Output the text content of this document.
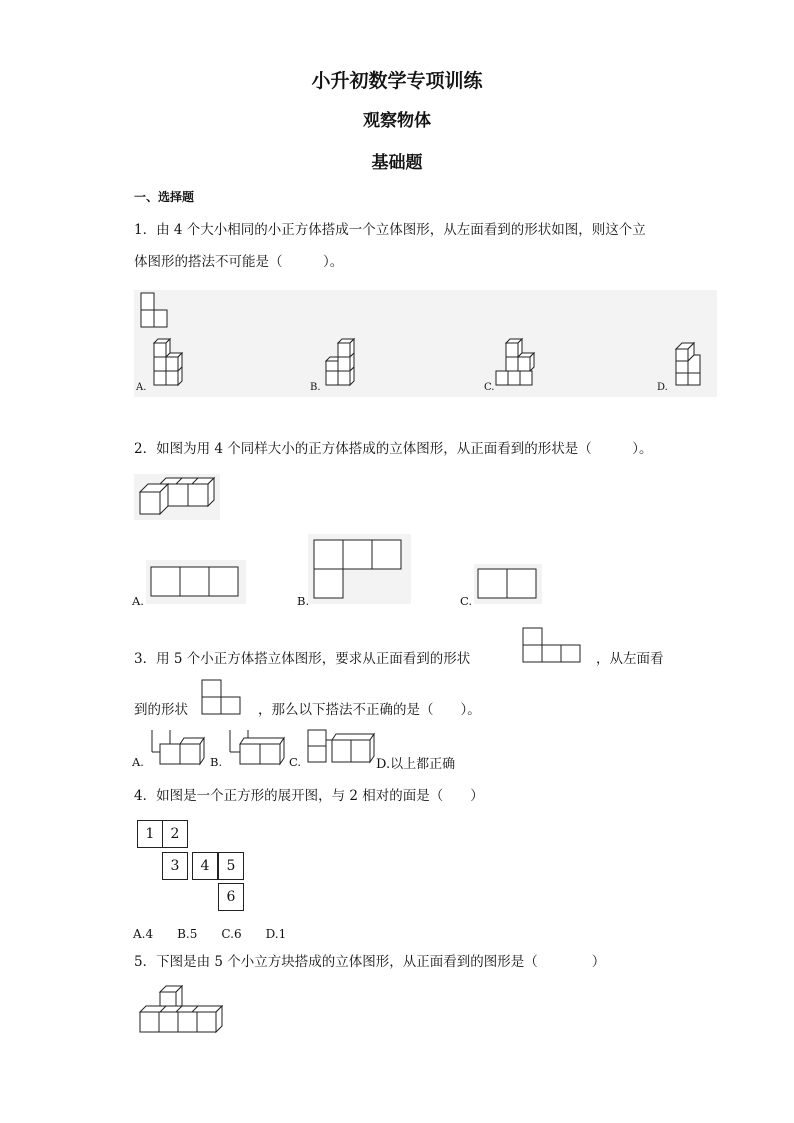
小升初数学专项训练
观察物体
基础题
一、选择题
1．由 4 个大小相同的小正方体搭成一个立体图形，从左面看到的形状如图，则这个立
体图形的搭法不可能是（　　　）。
A.	B.	C.	D.
2．如图为用 4 个同样大小的正方体搭成的立体图形，从正面看到的形状是（　　　）。
A.	B.	C.
3．用 5 个小正方体搭立体图形，要求从正面看到的形状	，从左面看
到的形状	，那么以下搭法不正确的是（　　）。
A.	B.	C.	D.以上都正确
4．如图是一个正方形的展开图，与 2 相对的面是（　　）
1	2
3	4	5
6
A.4　　B.5　　C.6　　D.1
5．下图是由 5 个小立方块搭成的立体图形，从正面看到的图形是（　　　　）
